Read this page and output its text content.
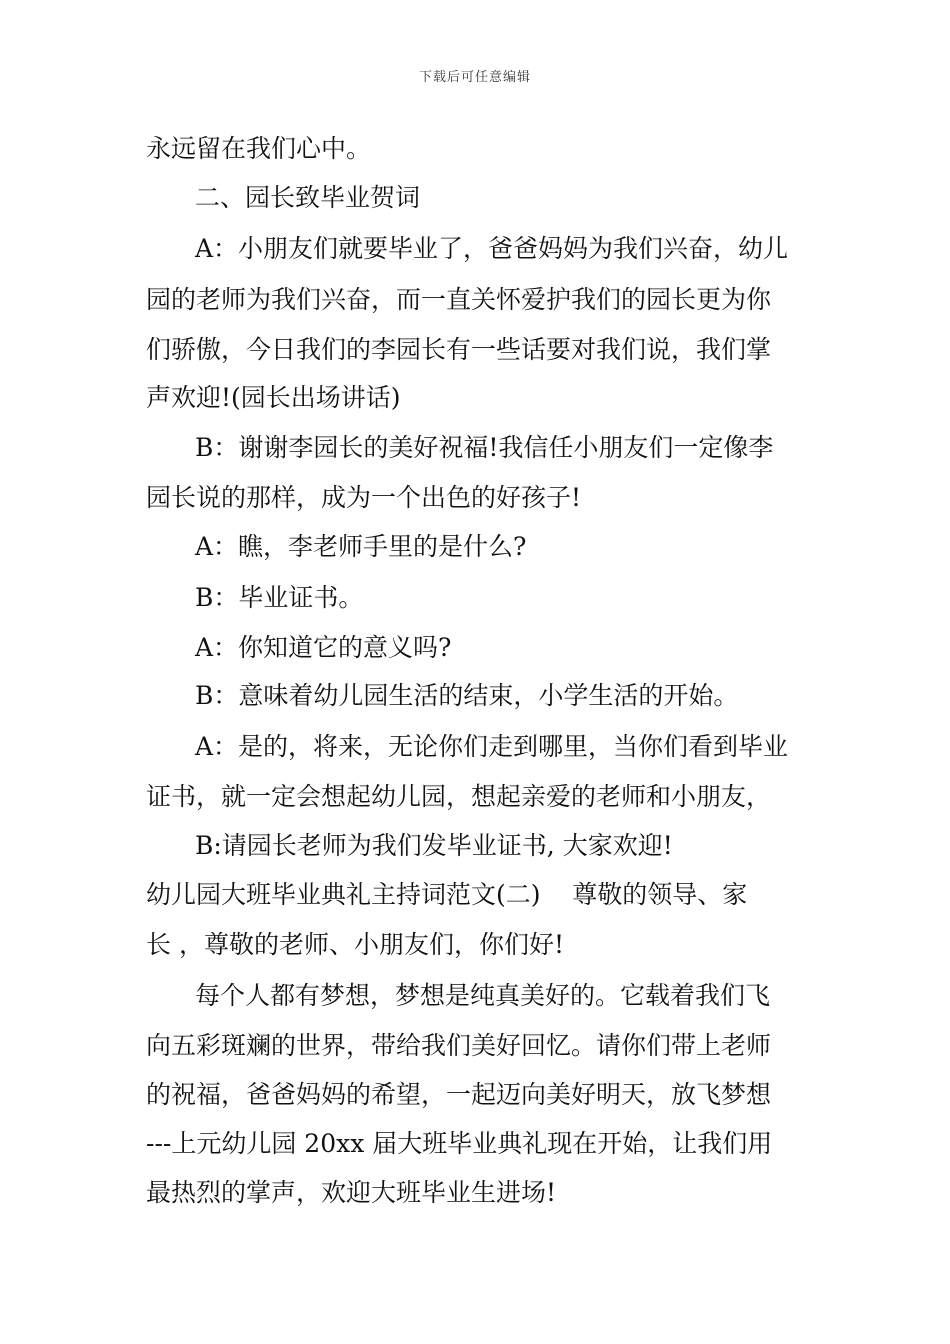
下载后可任意编辑
永远留在我们心中。
二、园长致毕业贺词
A：小朋友们就要毕业了，爸爸妈妈为我们兴奋，幼儿
园的老师为我们兴奋，而一直关怀爱护我们的园长更为你
们骄傲，今日我们的李园长有一些话要对我们说，我们掌
声欢迎!(园长出场讲话)
B：谢谢李园长的美好祝福!我信任小朋友们一定像李
园长说的那样，成为一个出色的好孩子!
A：瞧，李老师手里的是什么?
B：毕业证书。
A：你知道它的意义吗?
B：意味着幼儿园生活的结束，小学生活的开始。
A：是的，将来，无论你们走到哪里，当你们看到毕业
证书，就一定会想起幼儿园，想起亲爱的老师和小朋友，
B:请园长老师为我们发毕业证书, 大家欢迎!
幼儿园大班毕业典礼主持词范文(二)    尊敬的领导、家
长 ，尊敬的老师、小朋友们，你们好!
每个人都有梦想，梦想是纯真美好的。它载着我们飞
向五彩斑斓的世界，带给我们美好回忆。请你们带上老师
的祝福，爸爸妈妈的希望，一起迈向美好明天，放飞梦想
---上元幼儿园 20xx 届大班毕业典礼现在开始，让我们用
最热烈的掌声，欢迎大班毕业生进场!
